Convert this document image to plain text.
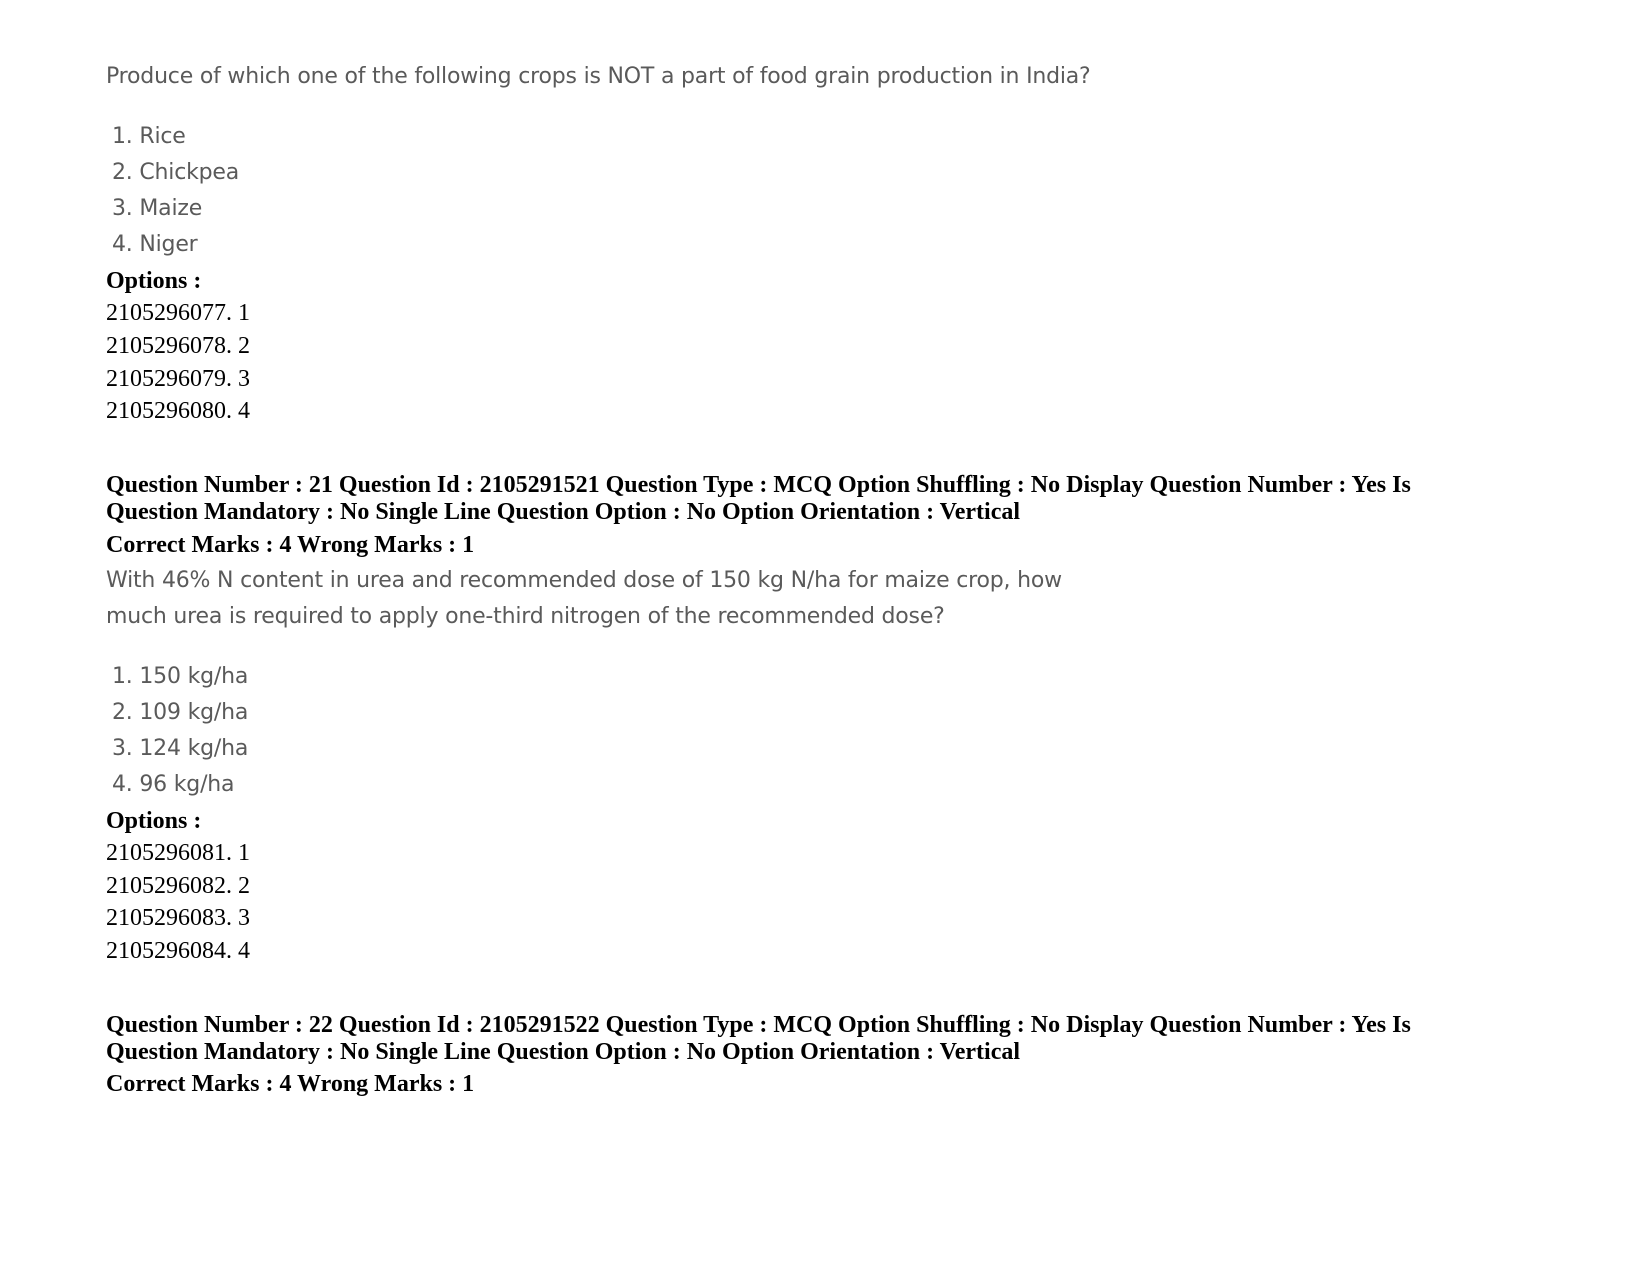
Produce of which one of the following crops is NOT a part of food grain production in India?
1. Rice
2. Chickpea
3. Maize
4. Niger
Options :
2105296077. 1
2105296078. 2
2105296079. 3
2105296080. 4
Question Number : 21 Question Id : 2105291521 Question Type : MCQ Option Shuffling : No Display Question Number : Yes Is
Question Mandatory : No Single Line Question Option : No Option Orientation : Vertical
Correct Marks : 4 Wrong Marks : 1
With 46% N content in urea and recommended dose of 150 kg N/ha for maize crop, how
much urea is required to apply one-third nitrogen of the recommended dose?
1. 150 kg/ha
2. 109 kg/ha
3. 124 kg/ha
4. 96 kg/ha
Options :
2105296081. 1
2105296082. 2
2105296083. 3
2105296084. 4
Question Number : 22 Question Id : 2105291522 Question Type : MCQ Option Shuffling : No Display Question Number : Yes Is
Question Mandatory : No Single Line Question Option : No Option Orientation : Vertical
Correct Marks : 4 Wrong Marks : 1
